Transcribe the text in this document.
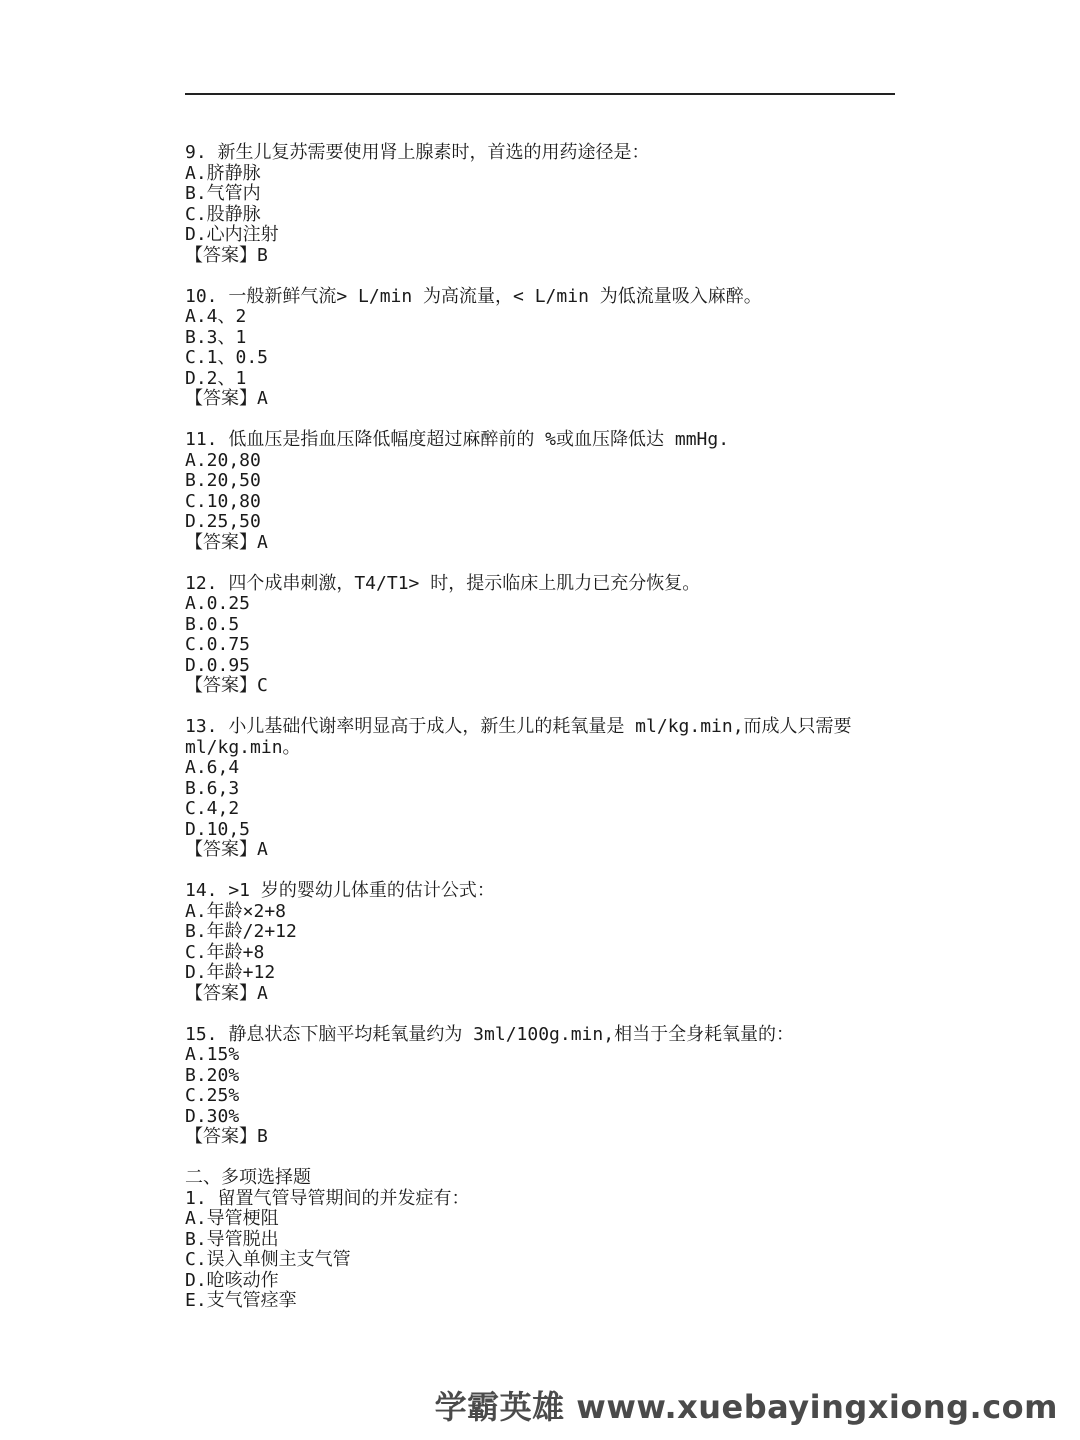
9. 新生儿复苏需要使用肾上腺素时，首选的用药途径是：
A.脐静脉
B.气管内
C.股静脉
D.心内注射
【答案】B
10. 一般新鲜气流> L/min 为高流量，< L/min 为低流量吸入麻醉。
A.4、2
B.3、1
C.1、0.5
D.2、1
【答案】A
11. 低血压是指血压降低幅度超过麻醉前的 %或血压降低达 mmHg.
A.20,80
B.20,50
C.10,80
D.25,50
【答案】A
12. 四个成串刺激，T4/T1> 时，提示临床上肌力已充分恢复。
A.0.25
B.0.5
C.0.75
D.0.95
【答案】C
13. 小儿基础代谢率明显高于成人，新生儿的耗氧量是 ml/kg.min,而成人只需要 ml/kg.min。
A.6,4
B.6,3
C.4,2
D.10,5
【答案】A
14. >1 岁的婴幼儿体重的估计公式：
A.年龄×2+8
B.年龄/2+12
C.年龄+8
D.年龄+12
【答案】A
15. 静息状态下脑平均耗氧量约为 3ml/100g.min,相当于全身耗氧量的：
A.15%
B.20%
C.25%
D.30%
【答案】B
二、多项选择题
1. 留置气管导管期间的并发症有：
A.导管梗阻
B.导管脱出
C.误入单侧主支气管
D.呛咳动作
E.支气管痉挛
学霸英雄 www.xuebayingxiong.com
